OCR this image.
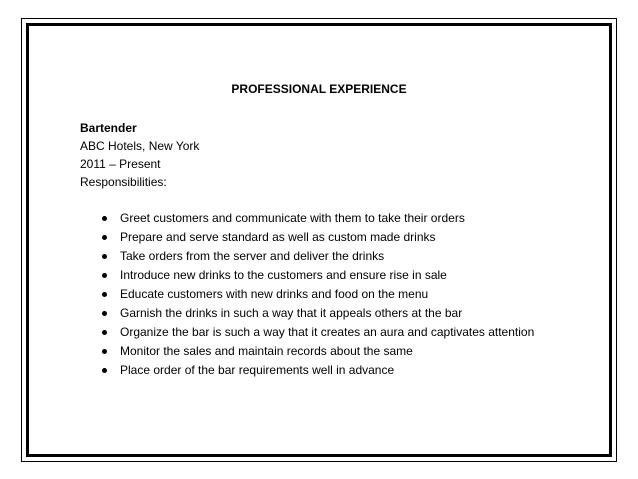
PROFESSIONAL EXPERIENCE
Bartender
ABC Hotels, New York
2011 – Present
Responsibilities:
Greet customers and communicate with them to take their orders
Prepare and serve standard as well as custom made drinks
Take orders from the server and deliver the drinks
Introduce new drinks to the customers and ensure rise in sale
Educate customers with new drinks and food on the menu
Garnish the drinks in such a way that it appeals others at the bar
Organize the bar is such a way that it creates an aura and captivates attention
Monitor the sales and maintain records about the same
Place order of the bar requirements well in advance
